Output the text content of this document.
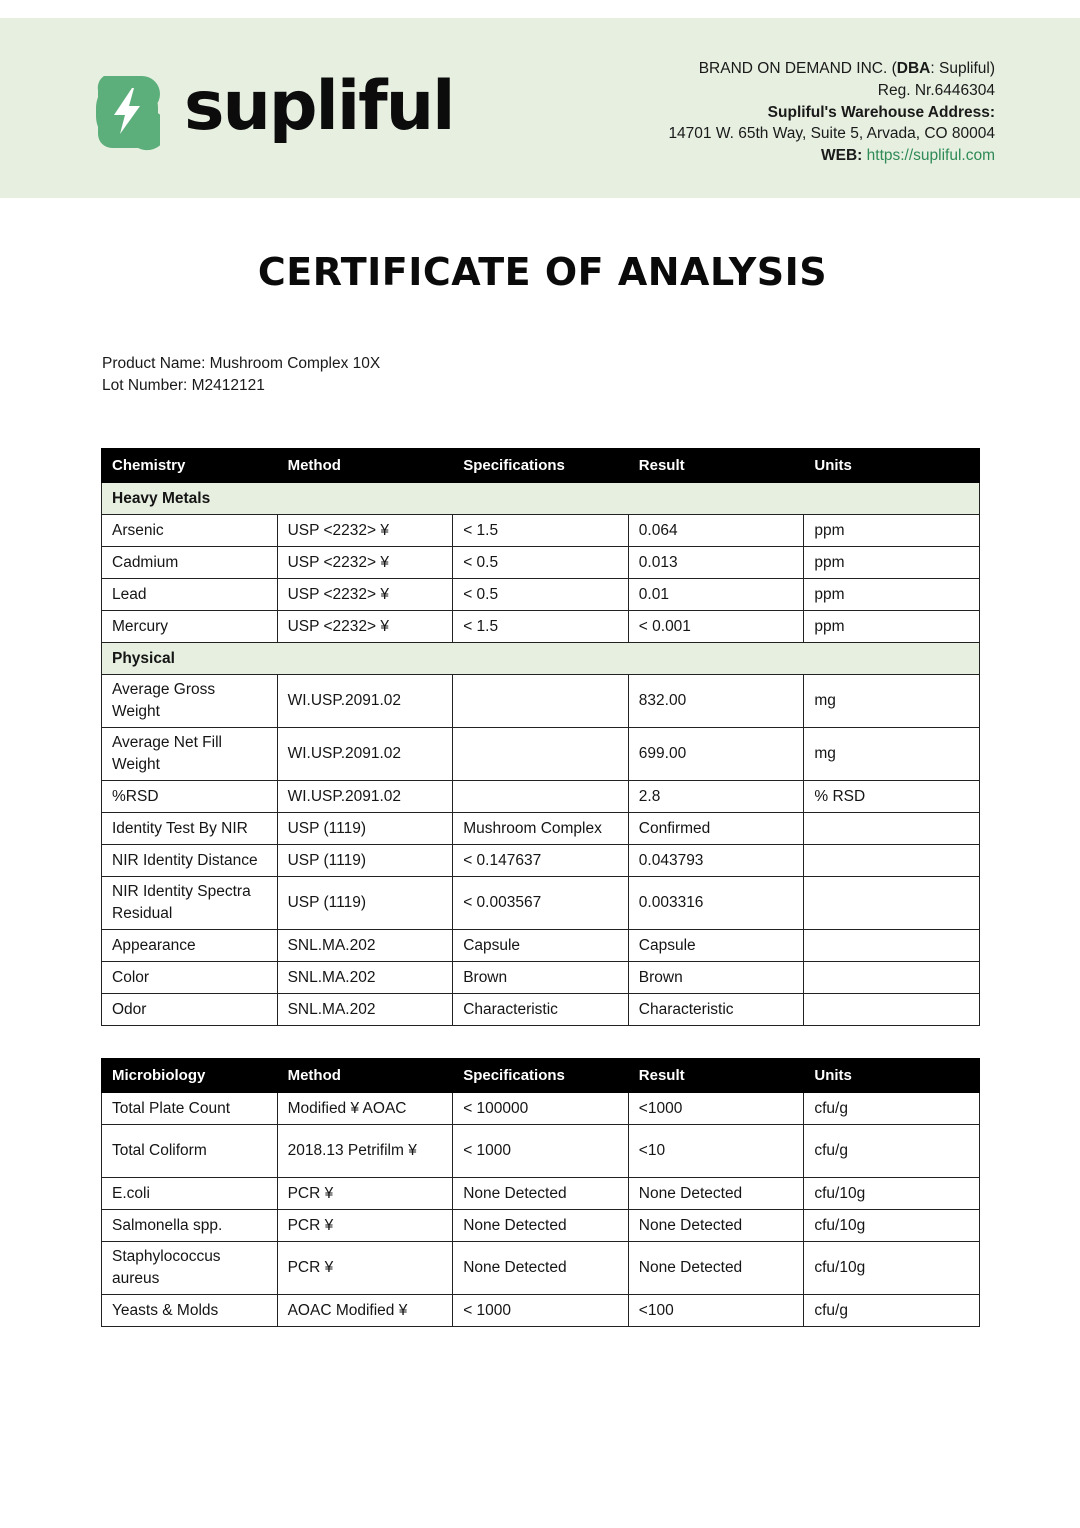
supliful	BRAND ON DEMAND INC. (DBA: Supliful)
Reg. Nr.6446304
Supliful's Warehouse Address:
14701 W. 65th Way, Suite 5, Arvada, CO 80004
WEB: https://supliful.com
CERTIFICATE OF ANALYSIS
Product Name: Mushroom Complex 10X
Lot Number: M2412121
Chemistry	Method	Specifications	Result	Units
Heavy Metals				
Arsenic	USP <2232> ¥	< 1.5	0.064	ppm
Cadmium	USP <2232> ¥	< 0.5	0.013	ppm
Lead	USP <2232> ¥	< 0.5	0.01	ppm
Mercury	USP <2232> ¥	< 1.5	< 0.001	ppm
Physical				
Average Gross Weight	WI.USP.2091.02		832.00	mg
Average Net Fill Weight	WI.USP.2091.02		699.00	mg
%RSD	WI.USP.2091.02		2.8	% RSD
Identity Test By NIR	USP (1119)	Mushroom Complex	Confirmed	
NIR Identity Distance	USP (1119)	< 0.147637	0.043793	
NIR Identity Spectra Residual	USP (1119)	< 0.003567	0.003316	
Appearance	SNL.MA.202	Capsule	Capsule	
Color	SNL.MA.202	Brown	Brown	
Odor	SNL.MA.202	Characteristic	Characteristic	
Microbiology	Method	Specifications	Result	Units
Total Plate Count	Modified ¥ AOAC	< 100000	<1000	cfu/g
Total Coliform	2018.13 Petrifilm ¥	< 1000	<10	cfu/g
E.coli	PCR ¥	None Detected	None Detected	cfu/10g
Salmonella spp.	PCR ¥	None Detected	None Detected	cfu/10g
Staphylococcus aureus	PCR ¥	None Detected	None Detected	cfu/10g
Yeasts & Molds	AOAC Modified ¥	< 1000	<100	cfu/g
